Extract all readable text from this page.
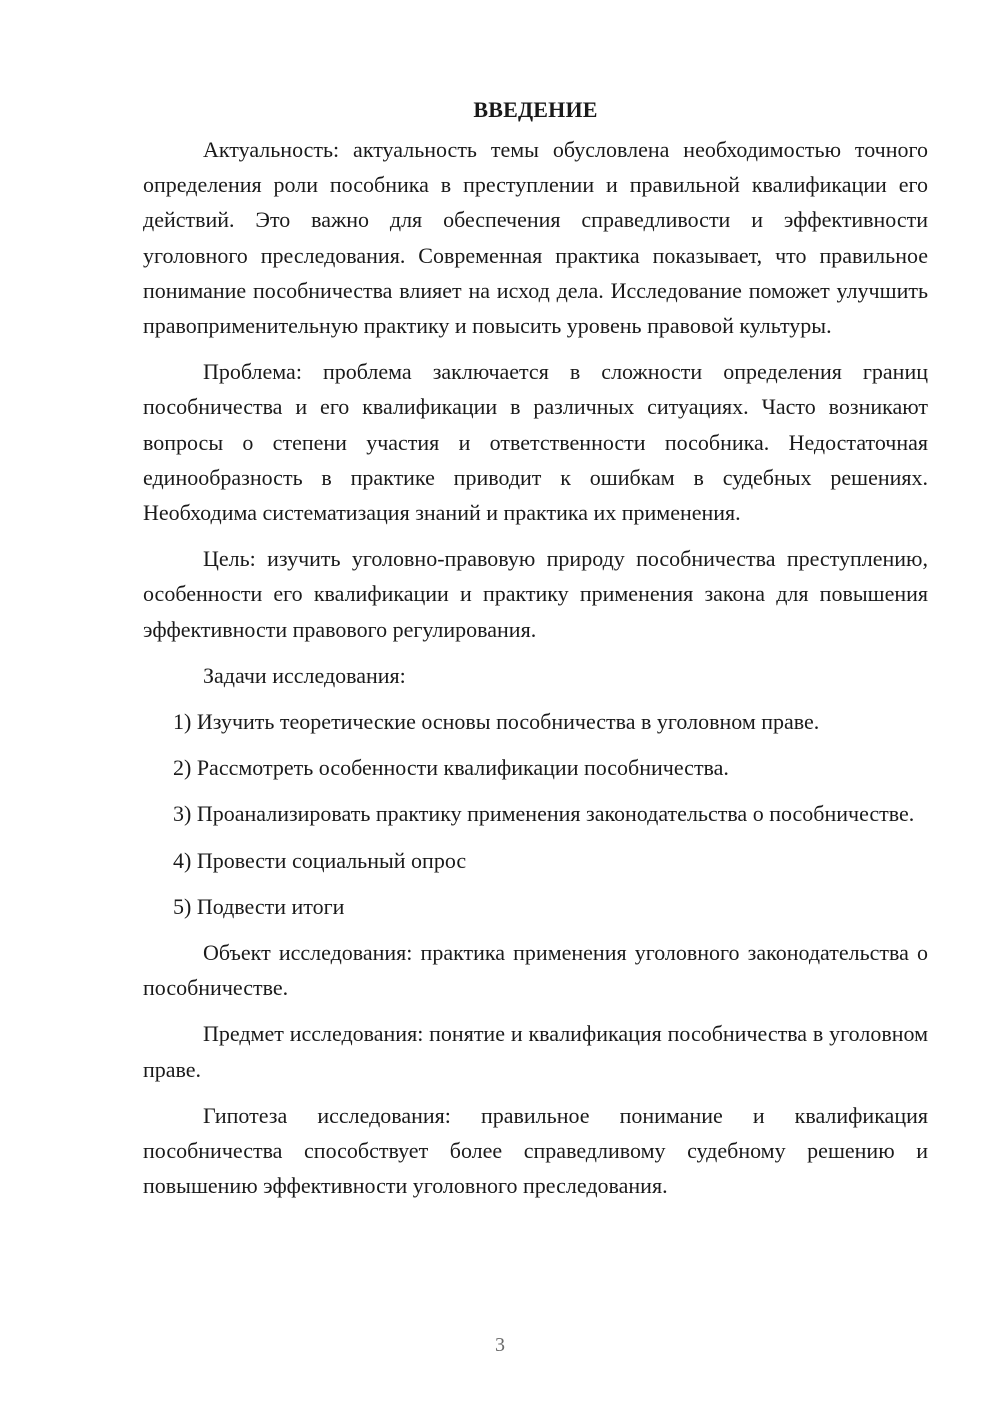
ВВЕДЕНИЕ

Актуальность: актуальность темы обусловлена необходимостью точного определения роли пособника в преступлении и правильной квалификации его действий. Это важно для обеспечения справедливости и эффективности уголовного преследования. Современная практика показывает, что правильное понимание пособничества влияет на исход дела. Исследование поможет улучшить правоприменительную практику и повысить уровень правовой культуры.

Проблема: проблема заключается в сложности определения границ пособничества и его квалификации в различных ситуациях. Часто возникают вопросы о степени участия и ответственности пособника. Недостаточная единообразность в практике приводит к ошибкам в судебных решениях. Необходима систематизация знаний и практика их применения.

Цель: изучить уголовно-правовую природу пособничества преступлению, особенности его квалификации и практику применения закона для повышения эффективности правового регулирования.

Задачи исследования:

1) Изучить теоретические основы пособничества в уголовном праве.

2) Рассмотреть особенности квалификации пособничества.

3) Проанализировать практику применения законодательства о пособничестве.

4) Провести социальный опрос

5) Подвести итоги

Объект исследования: практика применения уголовного законодательства о пособничестве.

Предмет исследования: понятие и квалификация пособничества в уголовном праве.

Гипотеза исследования: правильное понимание и квалификация пособничества способствует более справедливому судебному решению и повышению эффективности уголовного преследования.

3
